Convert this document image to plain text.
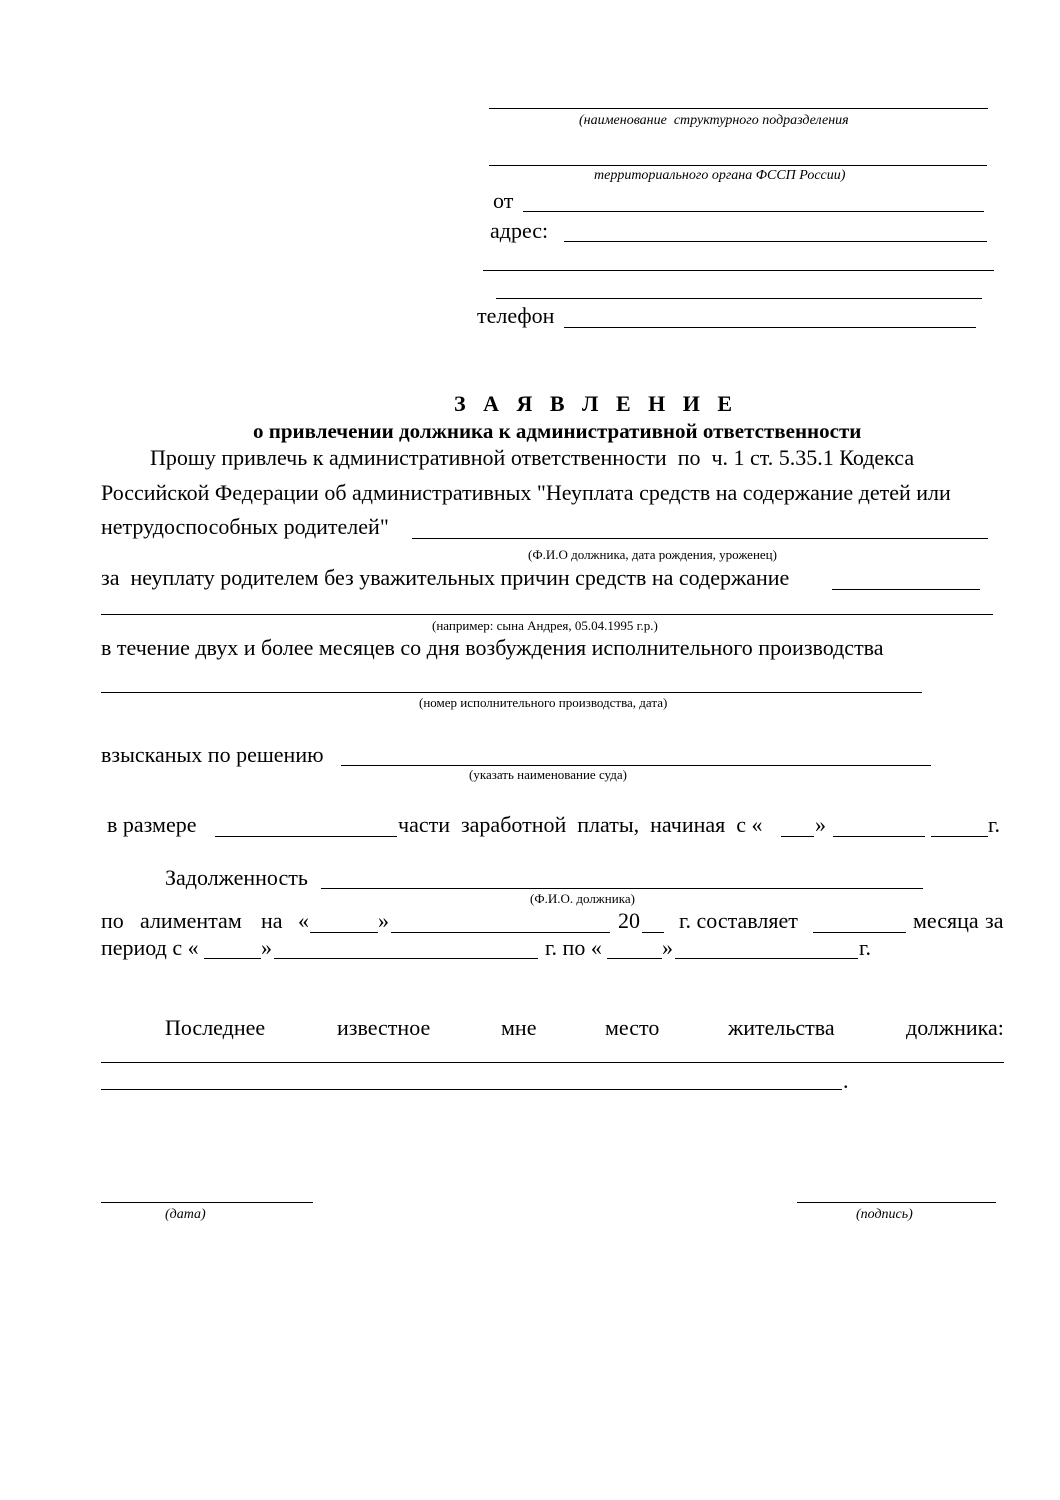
(наименование  структурного подразделения
территориального органа ФССП России)
от
адрес:
телефон
З А Я В Л Е Н И Е
о привлечении должника к административной ответственности
Прошу привлечь к административной ответственности  по  ч. 1 ст. 5.35.1 Кодекса
Российской Федерации об административных "Неуплата средств на содержание детей или
нетрудоспособных родителей"
(Ф.И.О должника, дата рождения, уроженец)
за  неуплату родителем без уважительных причин средств на содержание
(например: сына Андрея, 05.04.1995 г.р.)
в течение двух и более месяцев со дня возбуждения исполнительного производства
(номер исполнительного производства, дата)
взысканых по решению
(указать наименование суда)
в размере	части  заработной  платы,  начиная  с « »	г.
Задолженность
(Ф.И.О. должника)
по алиментам на «	»	20 г. составляет	месяца за
период с «	»	г. по «	»	г.
Последнее	известное	мне	место	жительства	должника:
.
(дата)	(подпись)
